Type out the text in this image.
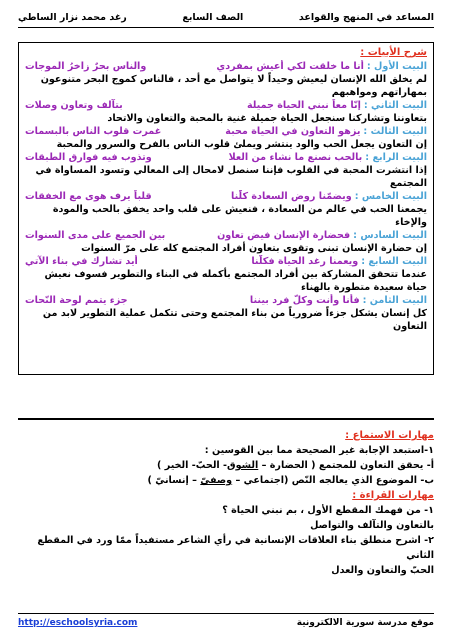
المساعد في المنهج والقواعد
الصف السابع
رغد محمد نزار الساطي
شرح الأبيات :
البيت الأول :
أنا ما خلقت لكي أعيش بمفردي
والناس بحرٌ زاخرُ الموجات
لم يخلق الله الإنسان ليعيش وحيداً لا يتواصل مع أحد ، فالناس كموج البحر متنوعون بمهاراتهم ومواهبهم
البيت الثاني :
إنّا معاً نبني الحياة جميلة
بتآلف وتعاون وصلات
بتعاوننا وتشاركنا سنجعل الحياة جميلة غنية بالمحبة والتعاون والاتحاد
البيت الثالث :
يزهو التعاون في الحياة محبة
غمرت قلوب الناس بالبسمات
إن التعاون يجعل الحب والود ينتشر ويملئ قلوب الناس بالفرح والسرور والمحبة
البيت الرابع :
بالحب نصنع ما نشاء من العلا
وتذوب فيه فوارق الطبقات
إذا انتشرت المحبة في القلوب فإننا سنصل لامحال إلى المعالي وتسود المساواة في المجتمع
البيت الخامس :
ويضمّنا روض السعادة كلّنا
قلباً يرف هوى مع الخفقات
يجمعنا الحب في عالم من السعادة ، فنعيش على قلب واحد يخفق بالحب والمودة والإخاء
البيت السادس :
فحضارة الإنسان فيض تعاون
بين الجميع على مدى السنوات
إن حضارة الإنسان تبنى وتقوى بتعاون أفراد المجتمع كله على مرّ السنوات
البيت السابع :
ويعمنا رغد الحياة فكلّنا
أيد تشارك في بناء الآتي
عندما تتحقق المشاركة بين أفراد المجتمع بأكمله في البناء والتطوير فسوف نعيش حياة سعيدة متطورة بالهناء
البيت الثامن :
فأنا وأنت وكلّ فرد بيننا
جزء يتمم لوحة النّحات
كل إنسان يشكل جزءاً ضرورياً من بناء المجتمع وحتى تتكمل عملية التطوير لابد من التعاون
مهارات الاستماع :
١-استبعد الإجابة غير الصحيحة مما بين القوسين :
أ- يحقق التعاون للمجتمع ( الحضارة – الشوق- الحبّ- الخير )
ب- الموضوع الذي يعالجه النّص (اجتماعي – وصفيّ – إنسانيّ )
مهارات القراءة :
١- من فهمك المقطع الأول ، بم نبني الحياة ؟
بالتعاون والتآلف والتواصل
٢- اشرح منطلق بناء العلاقات الإنسانية في رأي الشاعر مستفيداً ممّا ورد في المقطع الثاني
الحبّ والتعاون والعدل
موقع مدرسة سورية الالكترونية
http://eschoolsyria.com
